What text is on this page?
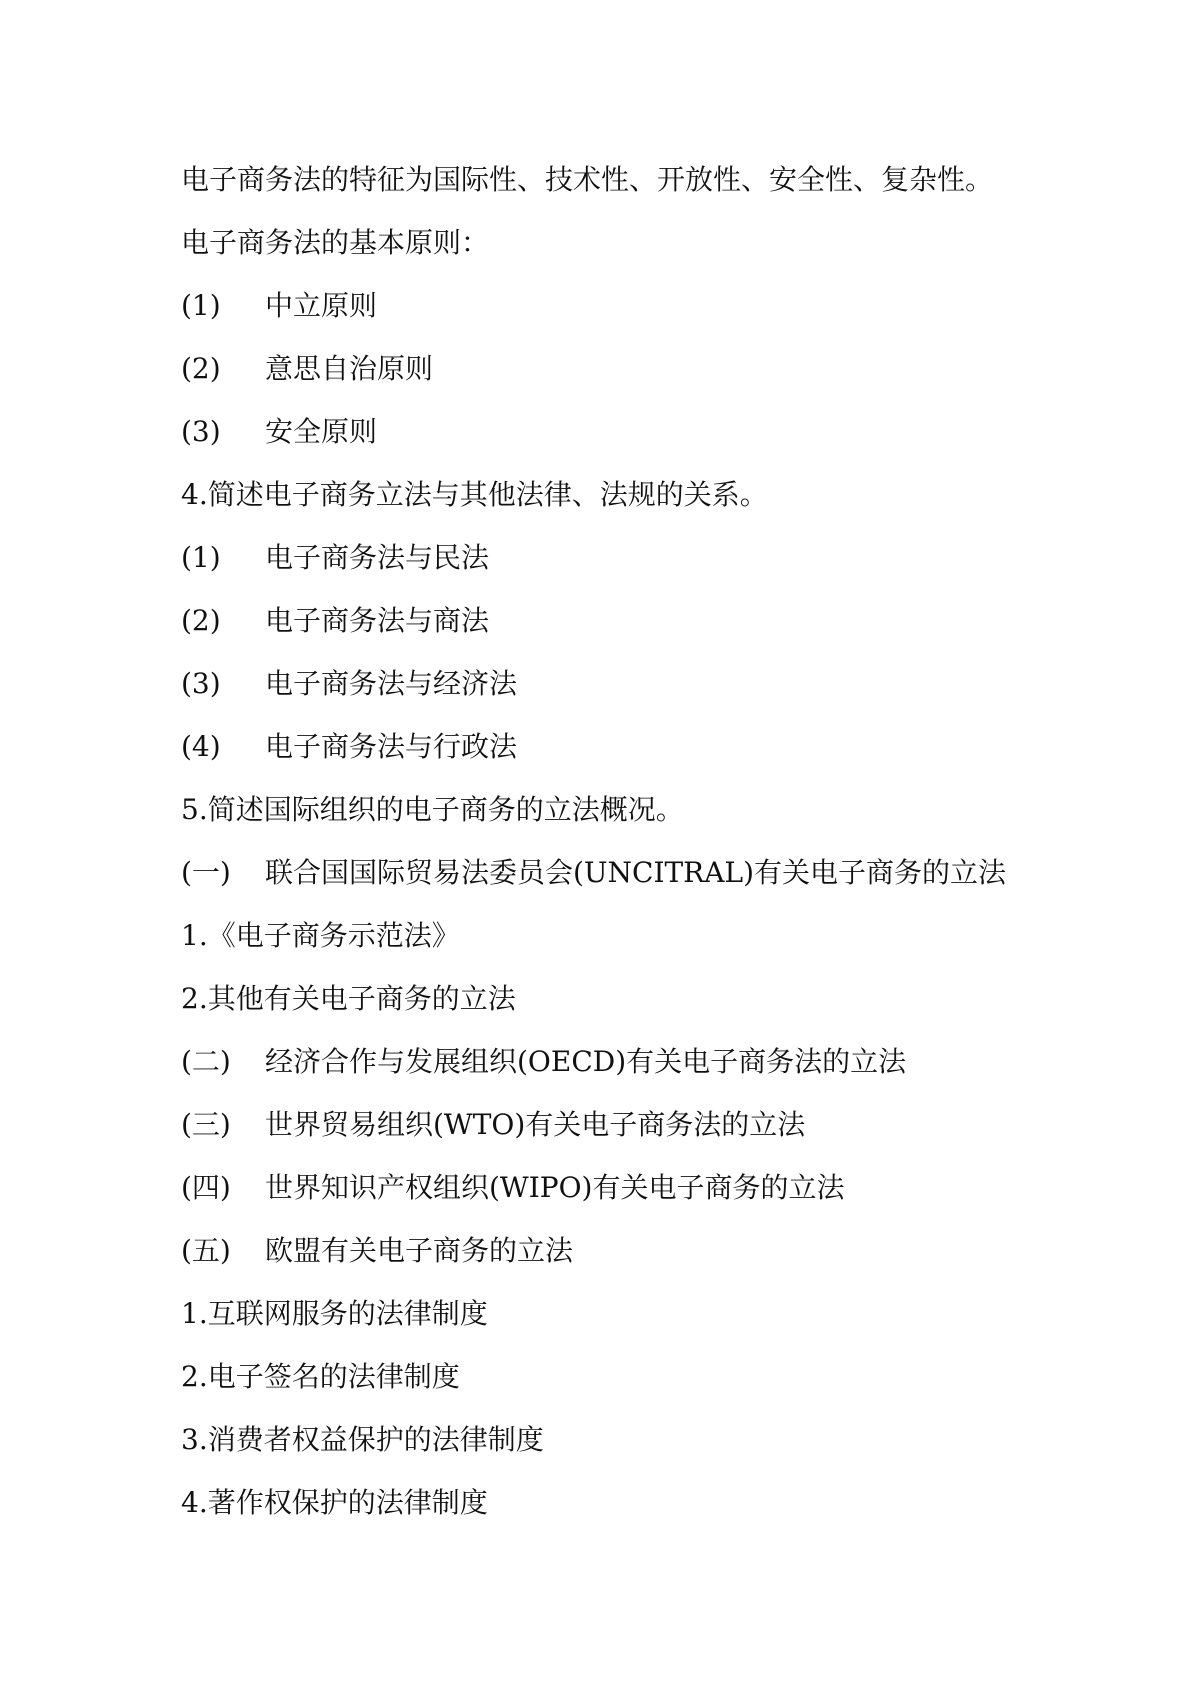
电子商务法的特征为国际性、技术性、开放性、安全性、复杂性。
电子商务法的基本原则：
(1)	中立原则
(2)	意思自治原则
(3)	安全原则
4.简述电子商务立法与其他法律、法规的关系。
(1)	电子商务法与民法
(2)	电子商务法与商法
(3)	电子商务法与经济法
(4)	电子商务法与行政法
5.简述国际组织的电子商务的立法概况。
(一)	联合国国际贸易法委员会(UNCITRAL)有关电子商务的立法
1.《电子商务示范法》
2.其他有关电子商务的立法
(二)	经济合作与发展组织(OECD)有关电子商务法的立法
(三)	世界贸易组织(WTO)有关电子商务法的立法
(四)	世界知识产权组织(WIPO)有关电子商务的立法
(五)	欧盟有关电子商务的立法
1.互联网服务的法律制度
2.电子签名的法律制度
3.消费者权益保护的法律制度
4.著作权保护的法律制度
